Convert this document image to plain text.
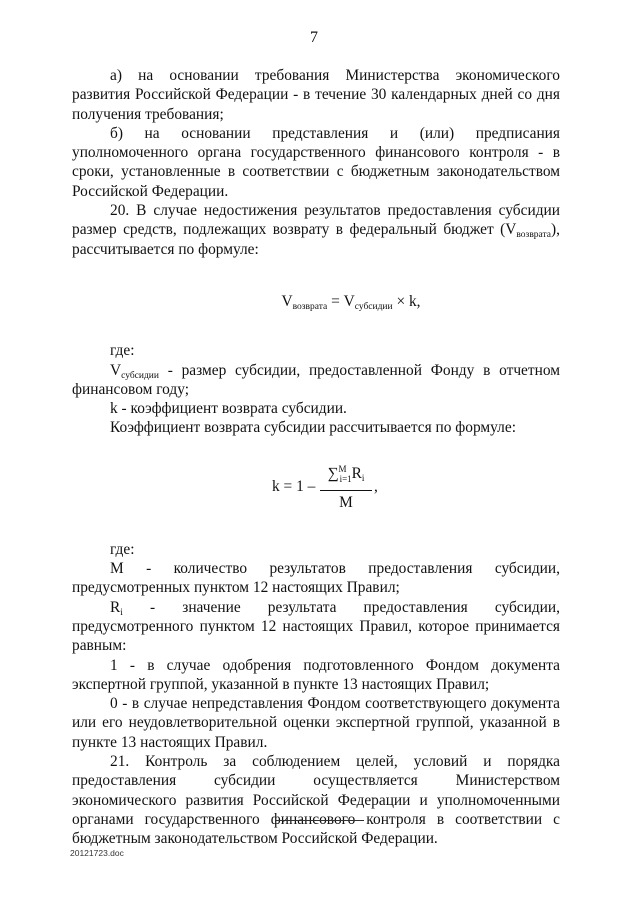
7

а) на основании требования Министерства экономического развития Российской Федерации - в течение 30 календарных дней со дня получения требования;

б) на основании представления и (или) предписания уполномоченного органа государственного финансового контроля - в сроки, установленные в соответствии с бюджетным законодательством Российской Федерации.

20. В случае недостижения результатов предоставления субсидии размер средств, подлежащих возврату в федеральный бюджет $(V_{возврата})$, рассчитывается по формуле:

$V_{возврата} = V_{субсидии} \times k$,

где:

$V_{субсидии}$ - размер субсидии, предоставленной Фонду в отчетном финансовом году;

k - коэффициент возврата субсидии.

Коэффициент возврата субсидии рассчитывается по формуле:

$k = 1 - \frac{\sum^M_{i=1}Ri}{M}$ ,

где:

M - количество результатов предоставления субсидии, предусмотренных пунктом 12 настоящих Правил;

$R_i$ - значение результата предоставления субсидии, предусмотренного пунктом 12 настоящих Правил, которое принимается равным:

1 - в случае одобрения подготовленного Фондом документа экспертной группой, указанной в пункте 13 настоящих Правил;

0 - в случае непредставления Фондом соответствующего документа или его неудовлетворительной оценки экспертной группой, указанной в пункте 13 настоящих Правил.

21. Контроль за соблюдением целей, условий и порядка предоставления субсидии осуществляется Министерством экономического развития Российской Федерации и уполномоченными органами государственного финансового контроля в соответствии с бюджетным законодательством Российской Федерации.

20121723.doc
